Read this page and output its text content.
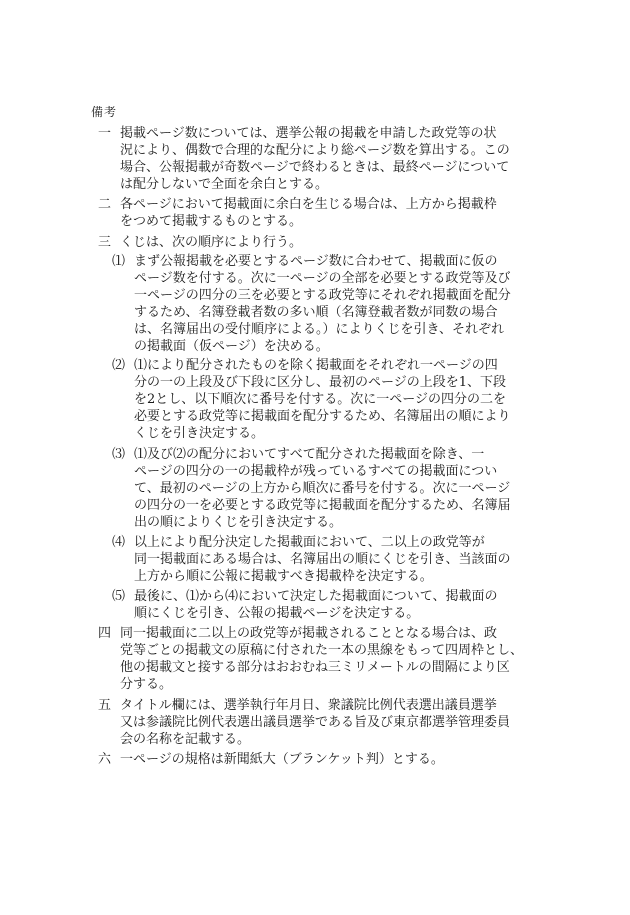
備考
一 掲載ページ数については、選挙公報の掲載を申請した政党等の状
況により、偶数で合理的な配分により総ページ数を算出する。この
場合、公報掲載が奇数ページで終わるときは、最終ページについて
は配分しないで全面を余白とする。
二 各ページにおいて掲載面に余白を生じる場合は、上方から掲載枠
をつめて掲載するものとする。
三 くじは、次の順序により行う。
⑴ まず公報掲載を必要とするページ数に合わせて、掲載面に仮の
ページ数を付する。次に一ページの全部を必要とする政党等及び
一ページの四分の三を必要とする政党等にそれぞれ掲載面を配分
するため、名簿登載者数の多い順（名簿登載者数が同数の場合
は、名簿届出の受付順序による。）によりくじを引き、それぞれ
の掲載面（仮ページ）を決める。
⑵ ⑴により配分されたものを除く掲載面をそれぞれ一ページの四
分の一の上段及び下段に区分し、最初のページの上段を1、下段
を2とし、以下順次に番号を付する。次に一ページの四分の二を
必要とする政党等に掲載面を配分するため、名簿届出の順により
くじを引き決定する。
⑶ ⑴及び⑵の配分においてすべて配分された掲載面を除き、一
ページの四分の一の掲載枠が残っているすべての掲載面につい
て、最初のページの上方から順次に番号を付する。次に一ページ
の四分の一を必要とする政党等に掲載面を配分するため、名簿届
出の順によりくじを引き決定する。
⑷ 以上により配分決定した掲載面において、二以上の政党等が
同一掲載面にある場合は、名簿届出の順にくじを引き、当該面の
上方から順に公報に掲載すべき掲載枠を決定する。
⑸ 最後に、⑴から⑷において決定した掲載面について、掲載面の
順にくじを引き、公報の掲載ページを決定する。
四 同一掲載面に二以上の政党等が掲載されることとなる場合は、政
党等ごとの掲載文の原稿に付された一本の黒線をもって四周枠とし、
他の掲載文と接する部分はおおむね三ミリメートルの間隔により区
分する。
五 タイトル欄には、選挙執行年月日、衆議院比例代表選出議員選挙
又は参議院比例代表選出議員選挙である旨及び東京都選挙管理委員
会の名称を記載する。
六 一ページの規格は新聞紙大（ブランケット判）とする。
